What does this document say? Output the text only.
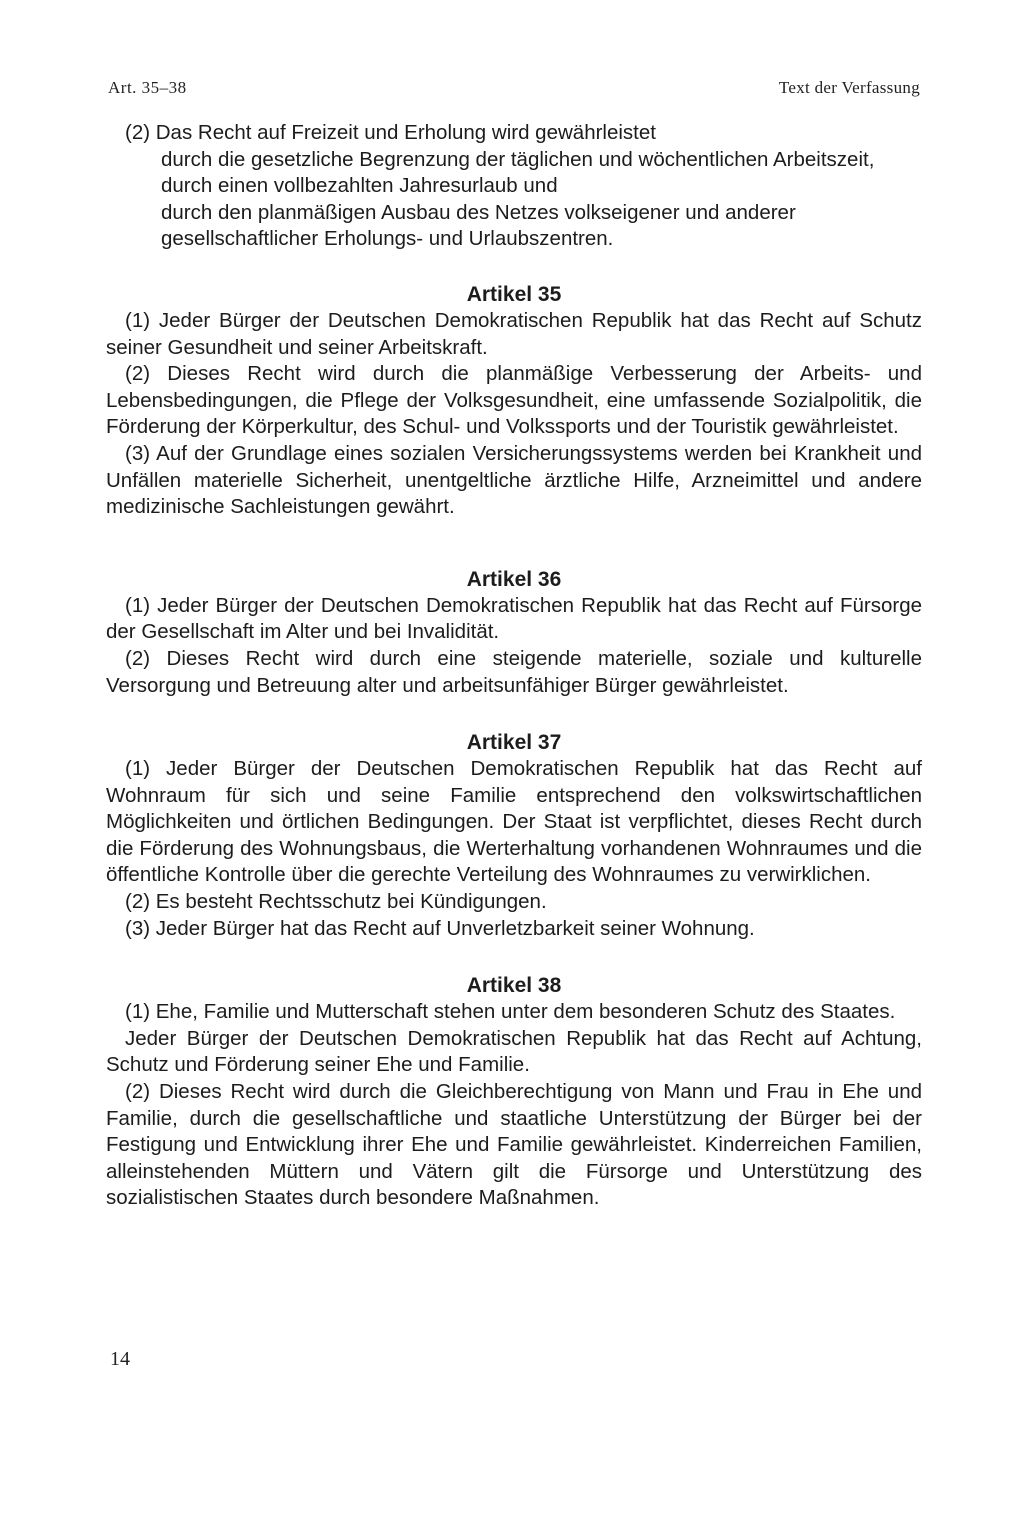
Art. 35–38	Text der Verfassung

(2) Das Recht auf Freizeit und Erholung wird gewährleistet

durch die gesetzliche Begrenzung der täglichen und wöchentlichen Arbeitszeit,

durch einen vollbezahlten Jahresurlaub und

durch den planmäßigen Ausbau des Netzes volkseigener und anderer gesellschaftlicher Erholungs- und Urlaubszentren.

Artikel 35

(1) Jeder Bürger der Deutschen Demokratischen Republik hat das Recht auf Schutz seiner Gesundheit und seiner Arbeitskraft.

(2) Dieses Recht wird durch die planmäßige Verbesserung der Arbeits- und Lebensbedingungen, die Pflege der Volksgesundheit, eine umfassende Sozialpolitik, die Förderung der Körperkultur, des Schul- und Volkssports und der Touristik gewährleistet.

(3) Auf der Grundlage eines sozialen Versicherungssystems werden bei Krankheit und Unfällen materielle Sicherheit, unentgeltliche ärztliche Hilfe, Arzneimittel und andere medizinische Sachleistungen gewährt.

Artikel 36

(1) Jeder Bürger der Deutschen Demokratischen Republik hat das Recht auf Fürsorge der Gesellschaft im Alter und bei Invalidität.

(2) Dieses Recht wird durch eine steigende materielle, soziale und kulturelle Versorgung und Betreuung alter und arbeitsunfähiger Bürger gewährleistet.

Artikel 37

(1) Jeder Bürger der Deutschen Demokratischen Republik hat das Recht auf Wohnraum für sich und seine Familie entsprechend den volkswirtschaftlichen Möglichkeiten und örtlichen Bedingungen. Der Staat ist verpflichtet, dieses Recht durch die Förderung des Wohnungsbaus, die Werterhaltung vorhandenen Wohnraumes und die öffentliche Kontrolle über die gerechte Verteilung des Wohnraumes zu verwirklichen.

(2) Es besteht Rechtsschutz bei Kündigungen.

(3) Jeder Bürger hat das Recht auf Unverletzbarkeit seiner Wohnung.

Artikel 38

(1) Ehe, Familie und Mutterschaft stehen unter dem besonderen Schutz des Staates.

Jeder Bürger der Deutschen Demokratischen Republik hat das Recht auf Achtung, Schutz und Förderung seiner Ehe und Familie.

(2) Dieses Recht wird durch die Gleichberechtigung von Mann und Frau in Ehe und Familie, durch die gesellschaftliche und staatliche Unterstützung der Bürger bei der Festigung und Entwicklung ihrer Ehe und Familie gewährleistet. Kinderreichen Familien, alleinstehenden Müttern und Vätern gilt die Fürsorge und Unterstützung des sozialistischen Staates durch besondere Maßnahmen.

14
